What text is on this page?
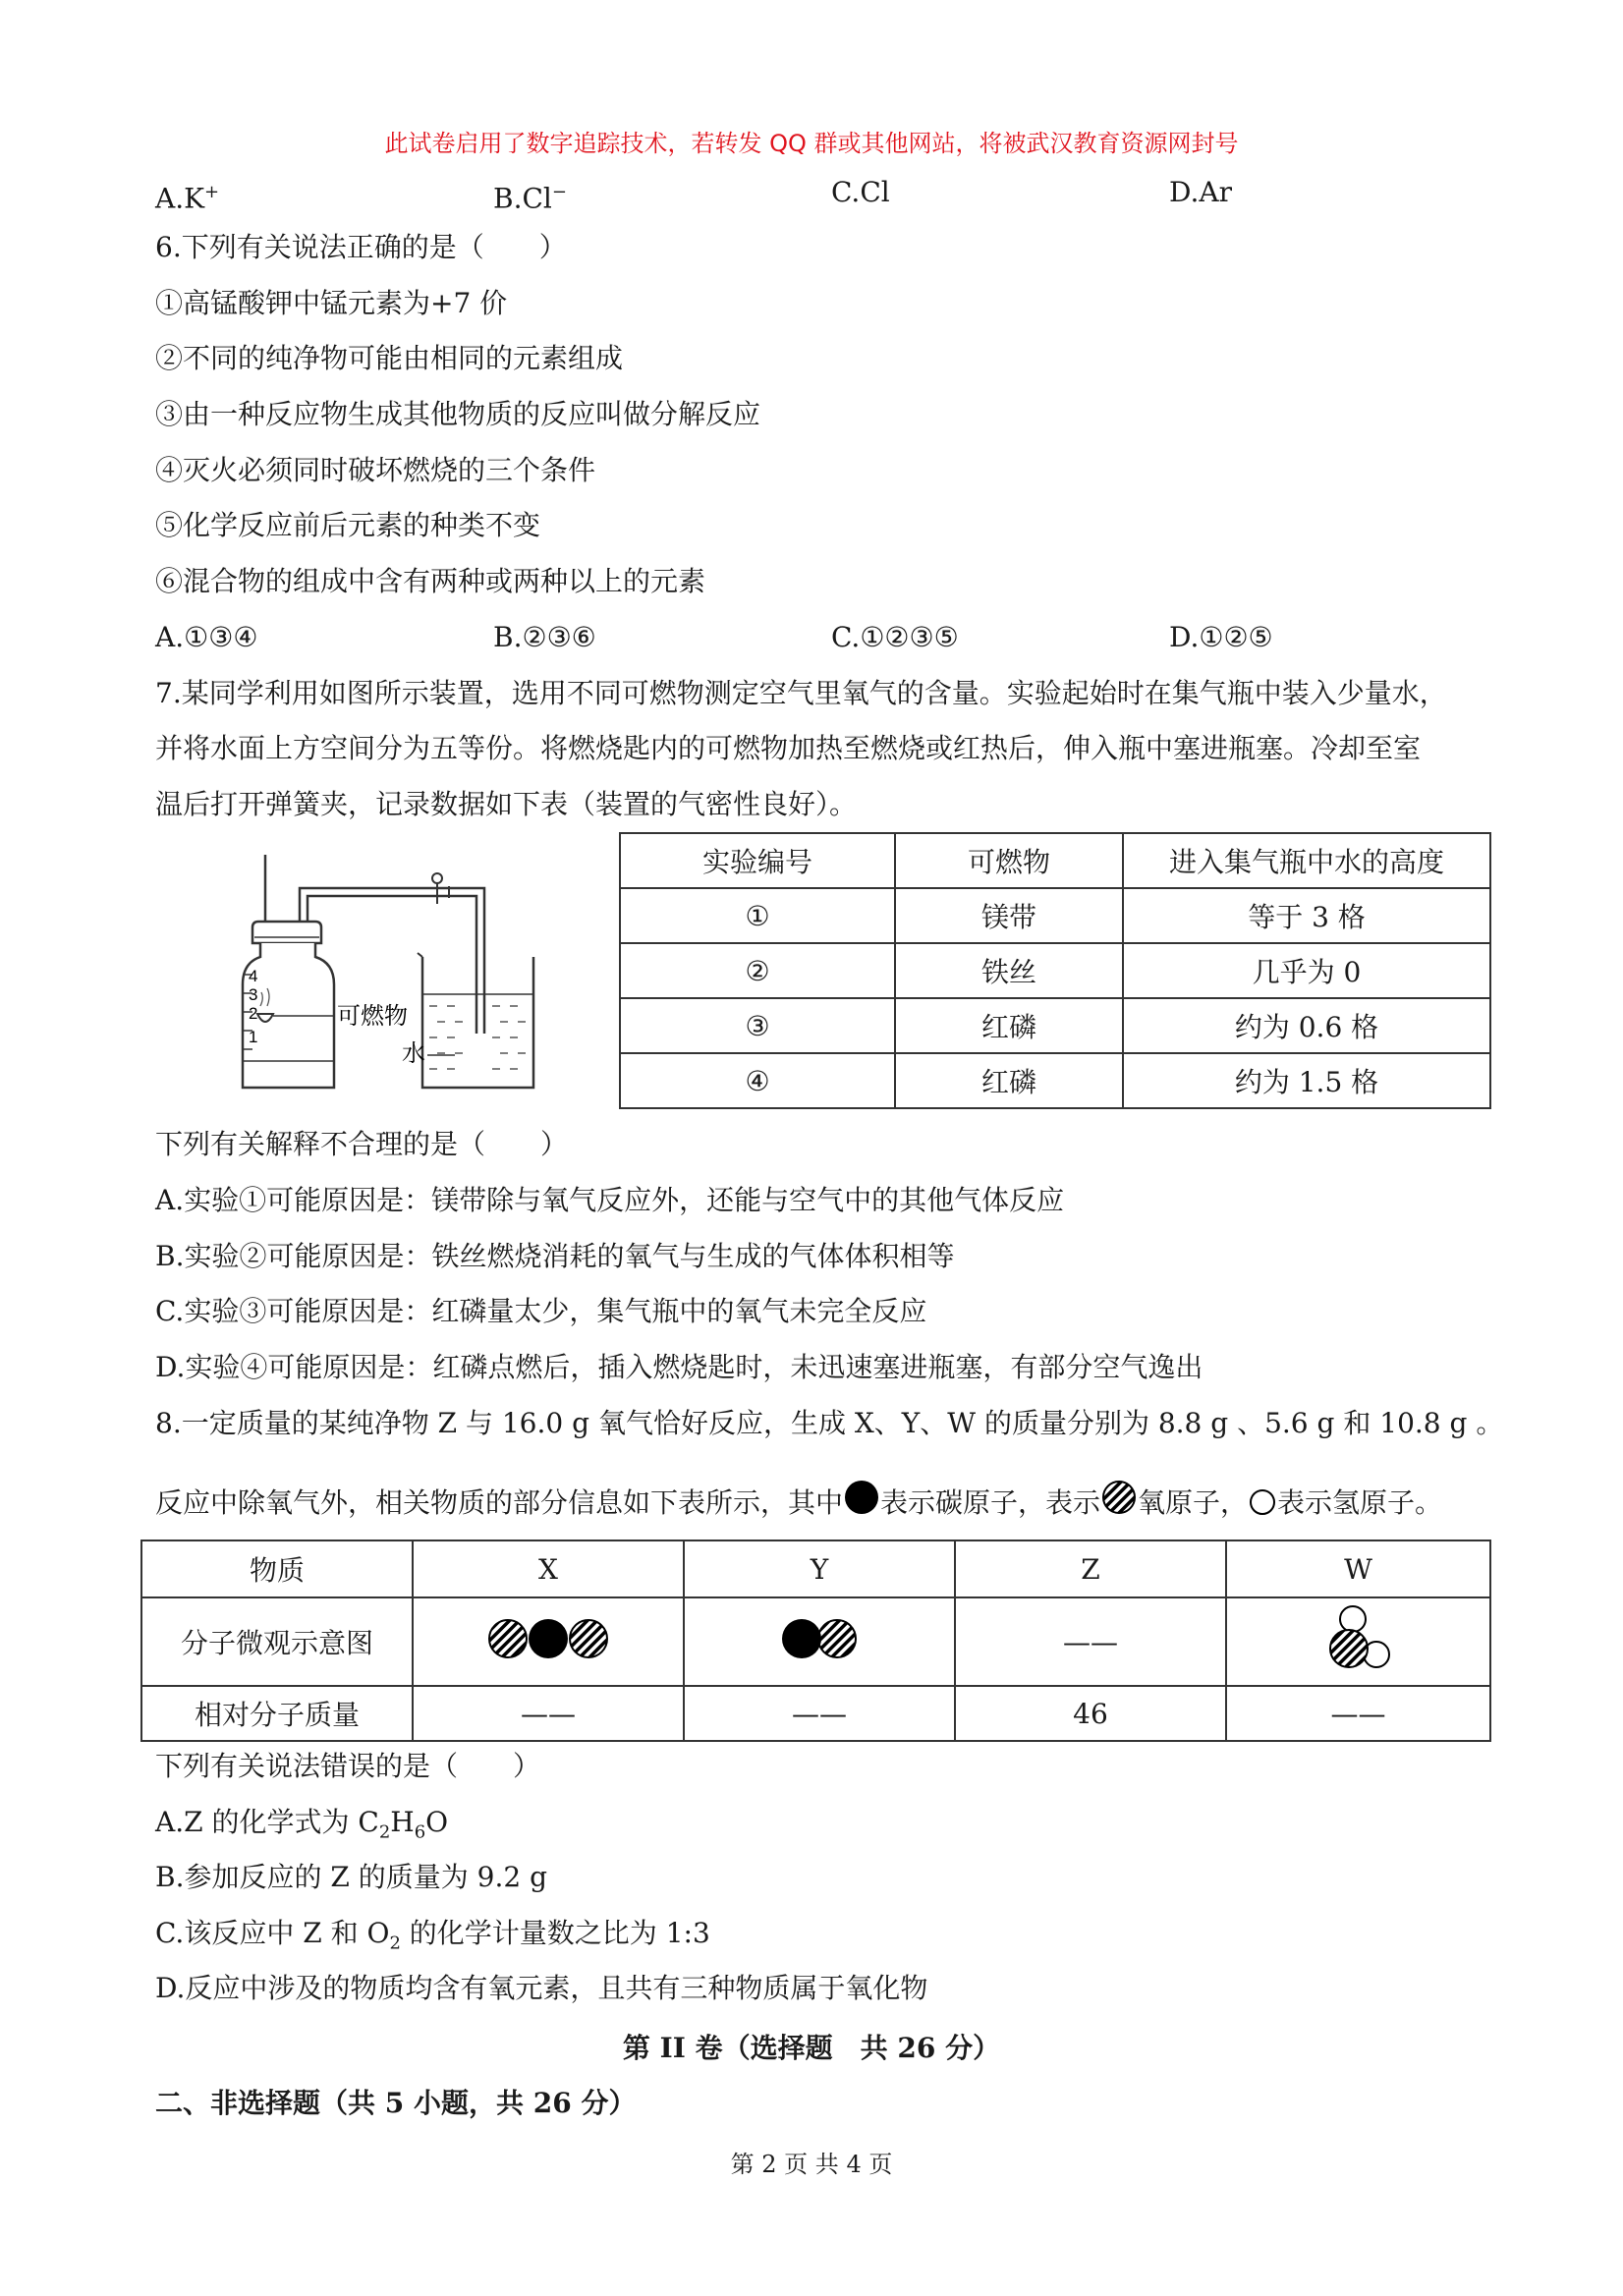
此试卷启用了数字追踪技术，若转发 QQ 群或其他网站，将被武汉教育资源网封号
A.K+	B.Cl−	C.Cl	D.Ar
6.下列有关说法正确的是（　　）
①高锰酸钾中锰元素为+7 价
②不同的纯净物可能由相同的元素组成
③由一种反应物生成其他物质的反应叫做分解反应
④灭火必须同时破坏燃烧的三个条件
⑤化学反应前后元素的种类不变
⑥混合物的组成中含有两种或两种以上的元素
A.①③④	B.②③⑥	C.①②③⑤	D.①②⑤
7.某同学利用如图所示装置，选用不同可燃物测定空气里氧气的含量。实验起始时在集气瓶中装入少量水，
并将水面上方空间分为五等份。将燃烧匙内的可燃物加热至燃烧或红热后，伸入瓶中塞进瓶塞。冷却至室
温后打开弹簧夹，记录数据如下表（装置的气密性良好）。
4
3
2
1
可燃物
水
实验编号	可燃物	进入集气瓶中水的高度
①	镁带	等于 3 格
②	铁丝	几乎为 0
③	红磷	约为 0.6 格
④	红磷	约为 1.5 格
下列有关解释不合理的是（　　）
A.实验①可能原因是：镁带除与氧气反应外，还能与空气中的其他气体反应
B.实验②可能原因是：铁丝燃烧消耗的氧气与生成的气体体积相等
C.实验③可能原因是：红磷量太少，集气瓶中的氧气未完全反应
D.实验④可能原因是：红磷点燃后，插入燃烧匙时，未迅速塞进瓶塞，有部分空气逸出
8.一定质量的某纯净物 Z 与 16.0 g 氧气恰好反应，生成 X、Y、W 的质量分别为 8.8 g 、5.6 g 和 10.8 g 。
反应中除氧气外，相关物质的部分信息如下表所示，其中 表示碳原子，表示 氧原子， 表示氢原子。
物质	X	Y	Z	W
分子微观示意图			——	
相对分子质量	——	——	46	——
下列有关说法错误的是（　　）
A.Z 的化学式为 $C_2H_6O$
B.参加反应的 Z 的质量为 9.2 g
C.该反应中 Z 和 $O_2$ 的化学计量数之比为 1:3
D.反应中涉及的物质均含有氧元素，且共有三种物质属于氧化物
第 II 卷（选择题　共 26 分）
二、非选择题（共 5 小题，共 26 分）
第 2 页 共 4 页
